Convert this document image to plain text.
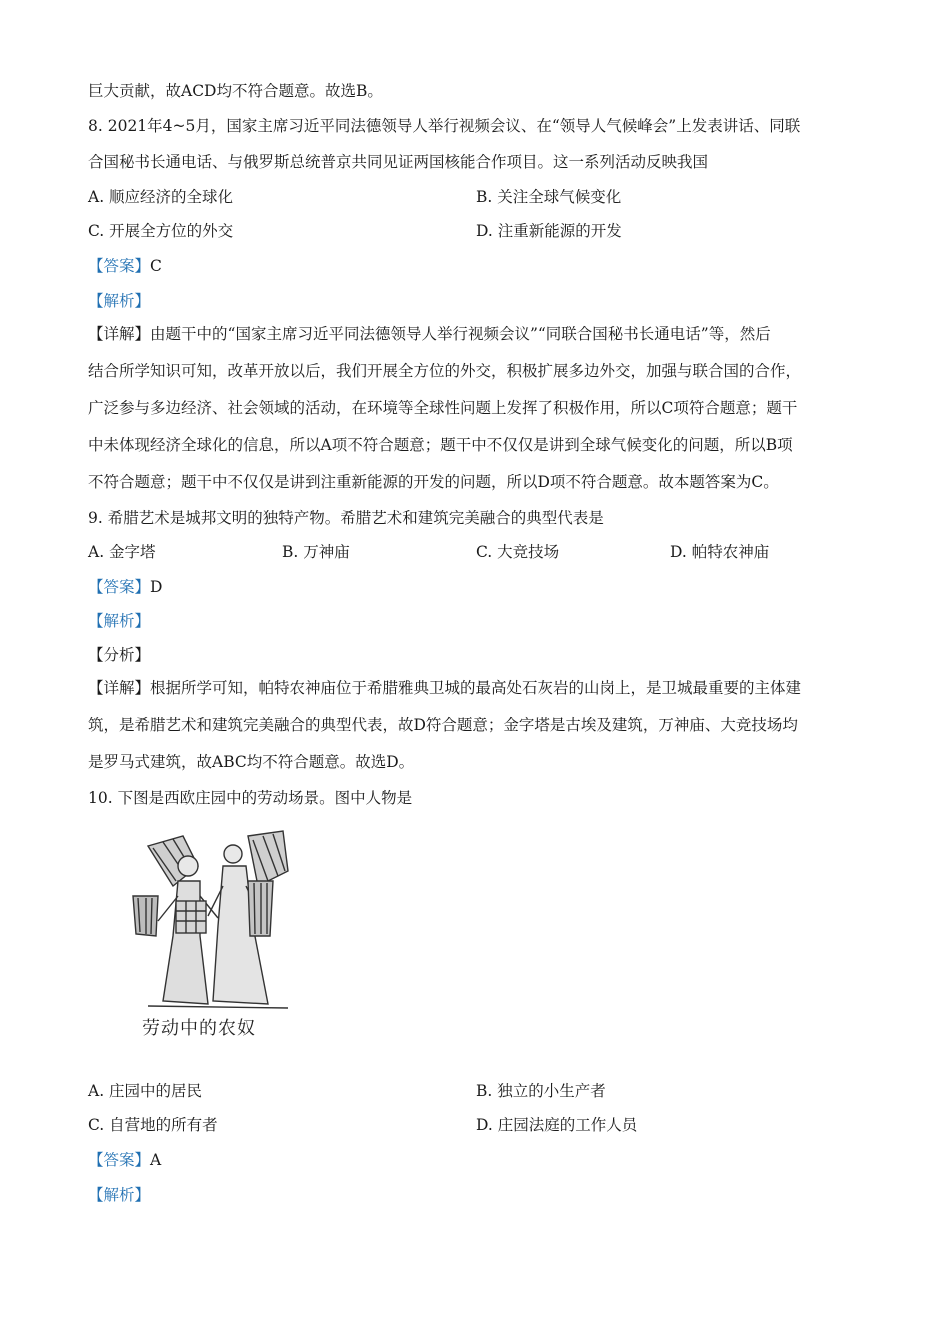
巨大贡献，故ACD均不符合题意。故选B。
8. 2021年4~5月，国家主席习近平同法德领导人举行视频会议、在“领导人气候峰会”上发表讲话、同联
合国秘书长通电话、与俄罗斯总统普京共同见证两国核能合作项目。这一系列活动反映我国
A. 顺应经济的全球化	B. 关注全球气候变化
C. 开展全方位的外交	D. 注重新能源的开发
【答案】C
【解析】
【详解】由题干中的“国家主席习近平同法德领导人举行视频会议”“同联合国秘书长通电话”等，然后
结合所学知识可知，改革开放以后，我们开展全方位的外交，积极扩展多边外交，加强与联合国的合作，
广泛参与多边经济、社会领域的活动，在环境等全球性问题上发挥了积极作用，所以C项符合题意；题干
中未体现经济全球化的信息，所以A项不符合题意；题干中不仅仅是讲到全球气候变化的问题，所以B项
不符合题意；题干中不仅仅是讲到注重新能源的开发的问题，所以D项不符合题意。故本题答案为C。
9. 希腊艺术是城邦文明的独特产物。希腊艺术和建筑完美融合的典型代表是
A. 金字塔	B. 万神庙	C. 大竞技场	D. 帕特农神庙
【答案】D
【解析】
【分析】
【详解】根据所学可知，帕特农神庙位于希腊雅典卫城的最高处石灰岩的山岗上，是卫城最重要的主体建
筑，是希腊艺术和建筑完美融合的典型代表，故D符合题意；金字塔是古埃及建筑，万神庙、大竞技场均
是罗马式建筑，故ABC均不符合题意。故选D。
10. 下图是西欧庄园中的劳动场景。图中人物是
劳动中的农奴
A. 庄园中的居民	B. 独立的小生产者
C. 自营地的所有者	D. 庄园法庭的工作人员
【答案】A
【解析】
